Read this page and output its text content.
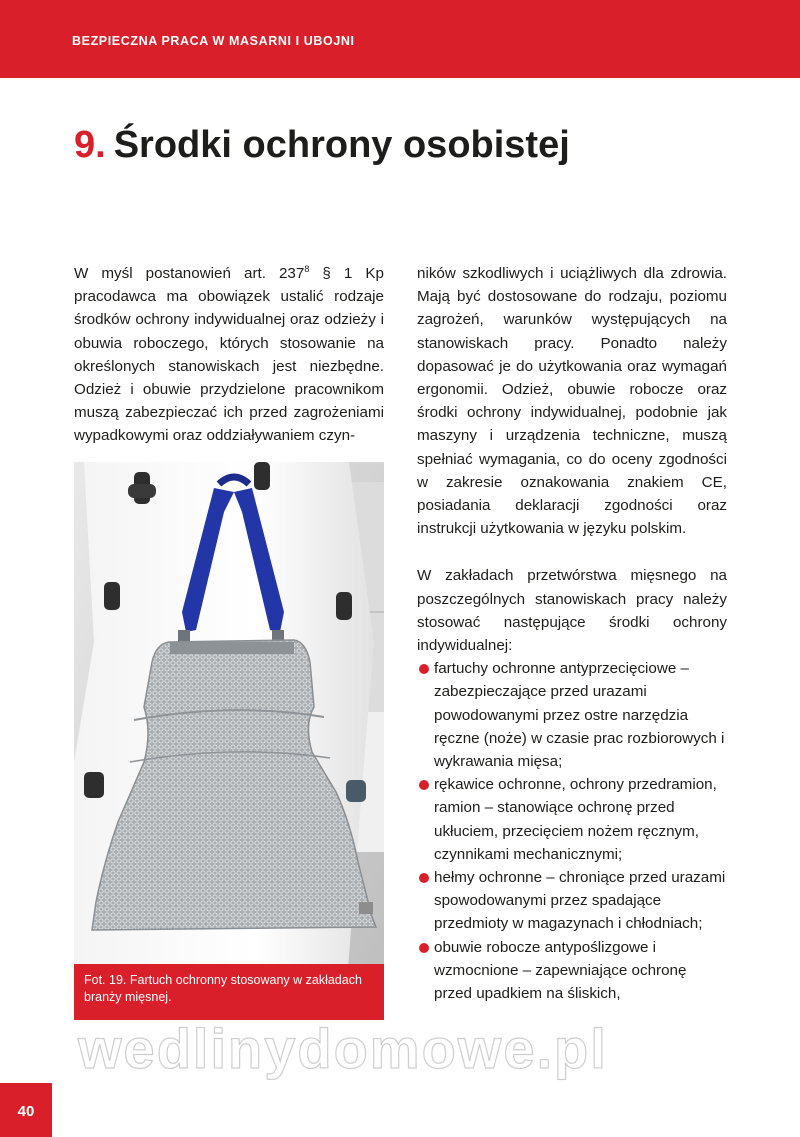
BEZPIECZNA PRACA W MASARNI I UBOJNI
9. Środki ochrony osobistej

W myśl postanowień art. $237^8$ § 1 Kp pracodawca ma obowiązek ustalić rodzaje środków ochrony indywidualnej oraz odzieży i obuwia roboczego, których stosowanie na określonych stanowiskach jest niezbędne. Odzież i obuwie przydzielone pracownikom muszą zabezpieczać ich przed zagrożeniami wypadkowymi oraz oddziaływaniem czyn-

Fot. 19. Fartuch ochronny stosowany w zakładach branży mięsnej.

ników szkodliwych i uciążliwych dla zdrowia. Mają być dostosowane do rodzaju, poziomu zagrożeń, warunków występujących na stanowiskach pracy. Ponadto należy dopasować je do użytkowania oraz wymagań ergonomii. Odzież, obuwie robocze oraz środki ochrony indywidualnej, podobnie jak maszyny i urządzenia techniczne, muszą spełniać wymagania, co do oceny zgodności w zakresie oznakowania znakiem CE, posiadania deklaracji zgodności oraz instrukcji użytkowania w języku polskim.

W zakładach przetwórstwa mięsnego na poszczególnych stanowiskach pracy należy stosować następujące środki ochrony indywidualnej:

fartuchy ochronne antyprzecięciowe – zabezpieczające przed urazami powodowanymi przez ostre narzędzia ręczne (noże) w czasie prac rozbiorowych i wykrawania mięsa;
rękawice ochronne, ochrony przedramion, ramion – stanowiące ochronę przed ukłuciem, przecięciem nożem ręcznym, czynnikami mechanicznymi;
hełmy ochronne – chroniące przed urazami spowodowanymi przez spadające przedmioty w magazynach i chłodniach;
obuwie robocze antypoślizgowe i wzmocnione – zapewniające ochronę przed upadkiem na śliskich,
wedlinydomowe.pl
40
